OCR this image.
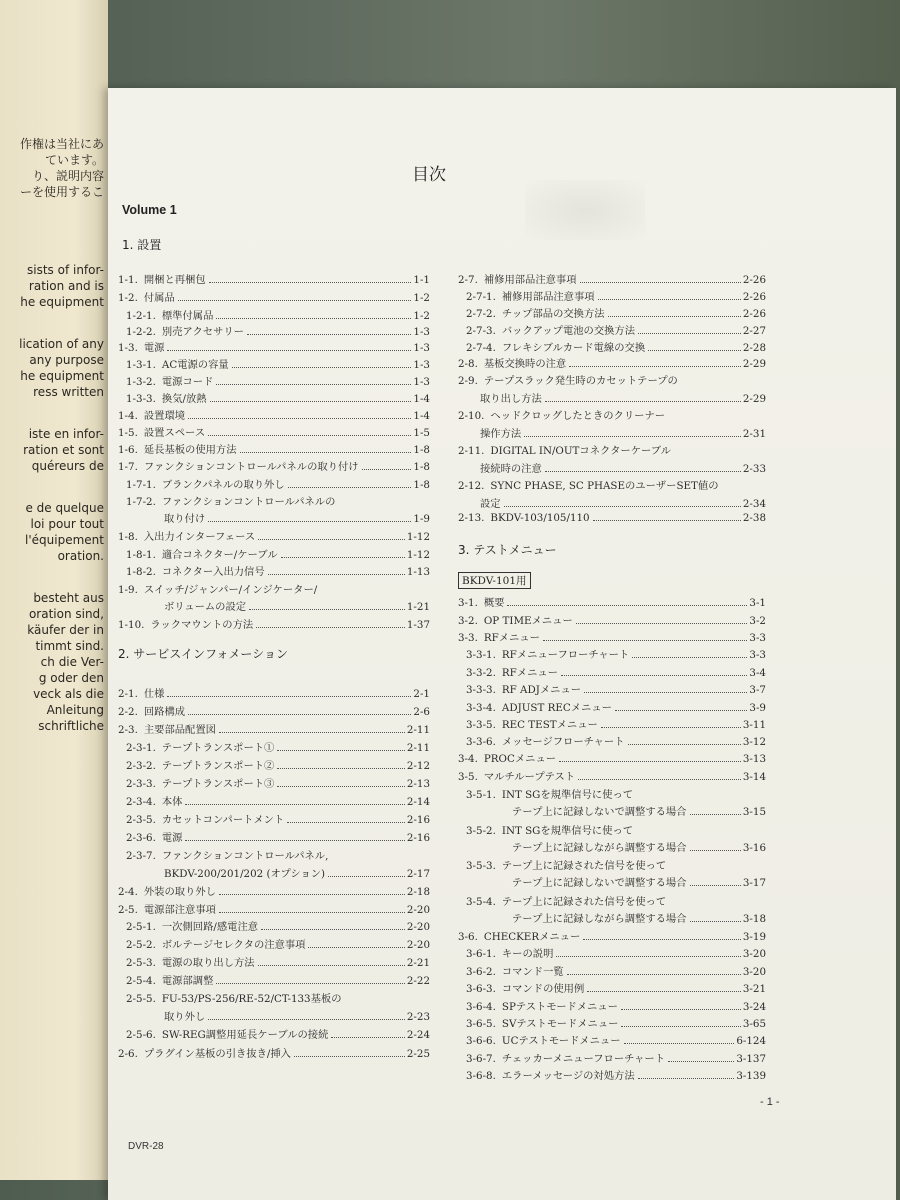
作権は当社にあ
ています。
り、説明内容
ーを使用するこ
sists of infor-
ration and is
he equipment
lication of any
any purpose
he equipment
ress written
iste en infor-
ration et sont
quéreurs de
e de quelque
loi pour tout
l'équipement
oration.
besteht aus
oration sind,
käufer der in
timmt sind.
ch die Ver-
g oder den
veck als die
Anleitung
schriftliche
目次
Volume 1
1. 設置
2. サービスインフォメーション
3. テストメニュー
BKDV-101用
1-1. 開梱と再梱包	1-1
1-2. 付属品	1-2
1-2-1. 標準付属品	1-2
1-2-2. 別売アクセサリー	1-3
1-3. 電源	1-3
1-3-1. AC電源の容量	1-3
1-3-2. 電源コード	1-3
1-3-3. 換気/放熱	1-4
1-4. 設置環境	1-4
1-5. 設置スペース	1-5
1-6. 延長基板の使用方法	1-8
1-7. ファンクションコントロールパネルの取り付け	1-8
1-7-1. ブランクパネルの取り外し	1-8
1-7-2. ファンクションコントロールパネルの
取り付け	1-9
1-8. 入出力インターフェース	1-12
1-8-1. 適合コネクター/ケーブル	1-12
1-8-2. コネクター入出力信号	1-13
1-9. スイッチ/ジャンパー/インジケーター/
ボリュームの設定	1-21
1-10. ラックマウントの方法	1-37
2-1. 仕様	2-1
2-2. 回路構成	2-6
2-3. 主要部品配置図	2-11
2-3-1. テープトランスポート①	2-11
2-3-2. テープトランスポート②	2-12
2-3-3. テープトランスポート③	2-13
2-3-4. 本体	2-14
2-3-5. カセットコンパートメント	2-16
2-3-6. 電源	2-16
2-3-7. ファンクションコントロールパネル,
BKDV-200/201/202 (オプション)	2-17
2-4. 外装の取り外し	2-18
2-5. 電源部注意事項	2-20
2-5-1. 一次側回路/感電注意	2-20
2-5-2. ボルテージセレクタの注意事項	2-20
2-5-3. 電源の取り出し方法	2-21
2-5-4. 電源部調整	2-22
2-5-5. FU-53/PS-256/RE-52/CT-133基板の
取り外し	2-23
2-5-6. SW-REG調整用延長ケーブルの接続	2-24
2-6. プラグイン基板の引き抜き/挿入	2-25
2-7. 補修用部品注意事項	2-26
2-7-1. 補修用部品注意事項	2-26
2-7-2. チップ部品の交換方法	2-26
2-7-3. バックアップ電池の交換方法	2-27
2-7-4. フレキシブルカード電線の交換	2-28
2-8. 基板交換時の注意	2-29
2-9. テープスラック発生時のカセットテープの
取り出し方法	2-29
2-10. ヘッドクロッグしたときのクリーナー
操作方法	2-31
2-11. DIGITAL IN/OUTコネクターケーブル
接続時の注意	2-33
2-12. SYNC PHASE, SC PHASEのユーザーSET値の
設定	2-34
2-13. BKDV-103/105/110	2-38
3-1. 概要	3-1
3-2. OP TIMEメニュー	3-2
3-3. RFメニュー	3-3
3-3-1. RFメニューフローチャート	3-3
3-3-2. RFメニュー	3-4
3-3-3. RF ADJメニュー	3-7
3-3-4. ADJUST RECメニュー	3-9
3-3-5. REC TESTメニュー	3-11
3-3-6. メッセージフローチャート	3-12
3-4. PROCメニュー	3-13
3-5. マルチループテスト	3-14
3-5-1. INT SGを規準信号に使って
テープ上に記録しないで調整する場合	3-15
3-5-2. INT SGを規準信号に使って
テープ上に記録しながら調整する場合	3-16
3-5-3. テープ上に記録された信号を使って
テープ上に記録しないで調整する場合	3-17
3-5-4. テープ上に記録された信号を使って
テープ上に記録しながら調整する場合	3-18
3-6. CHECKERメニュー	3-19
3-6-1. キーの説明	3-20
3-6-2. コマンド一覧	3-20
3-6-3. コマンドの使用例	3-21
3-6-4. SPテストモードメニュー	3-24
3-6-5. SVテストモードメニュー	3-65
3-6-6. UCテストモードメニュー	6-124
3-6-7. チェッカーメニューフローチャート	3-137
3-6-8. エラーメッセージの対処方法	3-139
DVR-28
- 1 -
